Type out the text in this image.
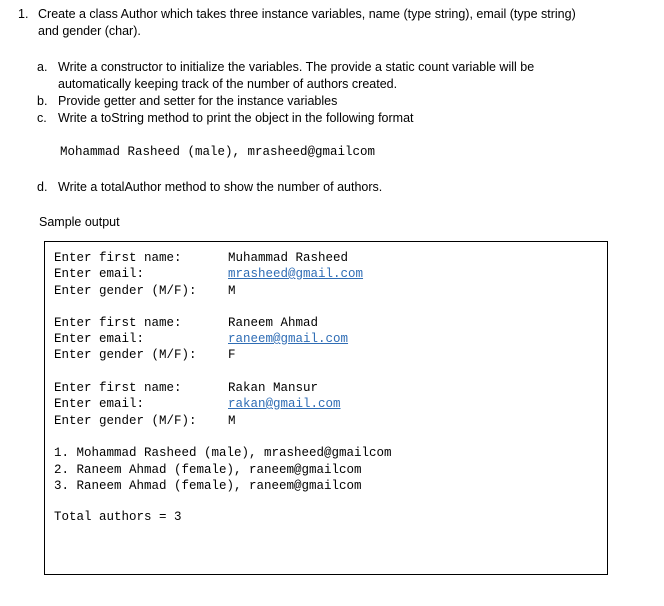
1. Create a class Author which takes three instance variables, name (type string), email (type string) and gender (char).
a. Write a constructor to initialize the variables. The provide a static count variable will be automatically keeping track of the number of authors created.
b. Provide getter and setter for the instance variables
c. Write a toString method to print the object in the following format
Mohammad Rasheed (male), mrasheed@gmailcom
d. Write a totalAuthor method to show the number of authors.
Sample output

Enter first name:

	Muhammad Rasheed

Enter email:

	mrasheed@gmail.com

Enter gender (M/F):

	M

Enter first name:

	Raneem Ahmad

Enter email:

	raneem@gmail.com

Enter gender (M/F):

	F

Enter first name:

	Rakan Mansur

Enter email:

	rakan@gmail.com

Enter gender (M/F):

	M

1. Mohammad Rasheed (male), mrasheed@gmailcom
2. Raneem Ahmad (female), raneem@gmailcom
3. Raneem Ahmad (female), raneem@gmailcom
Total authors = 3
